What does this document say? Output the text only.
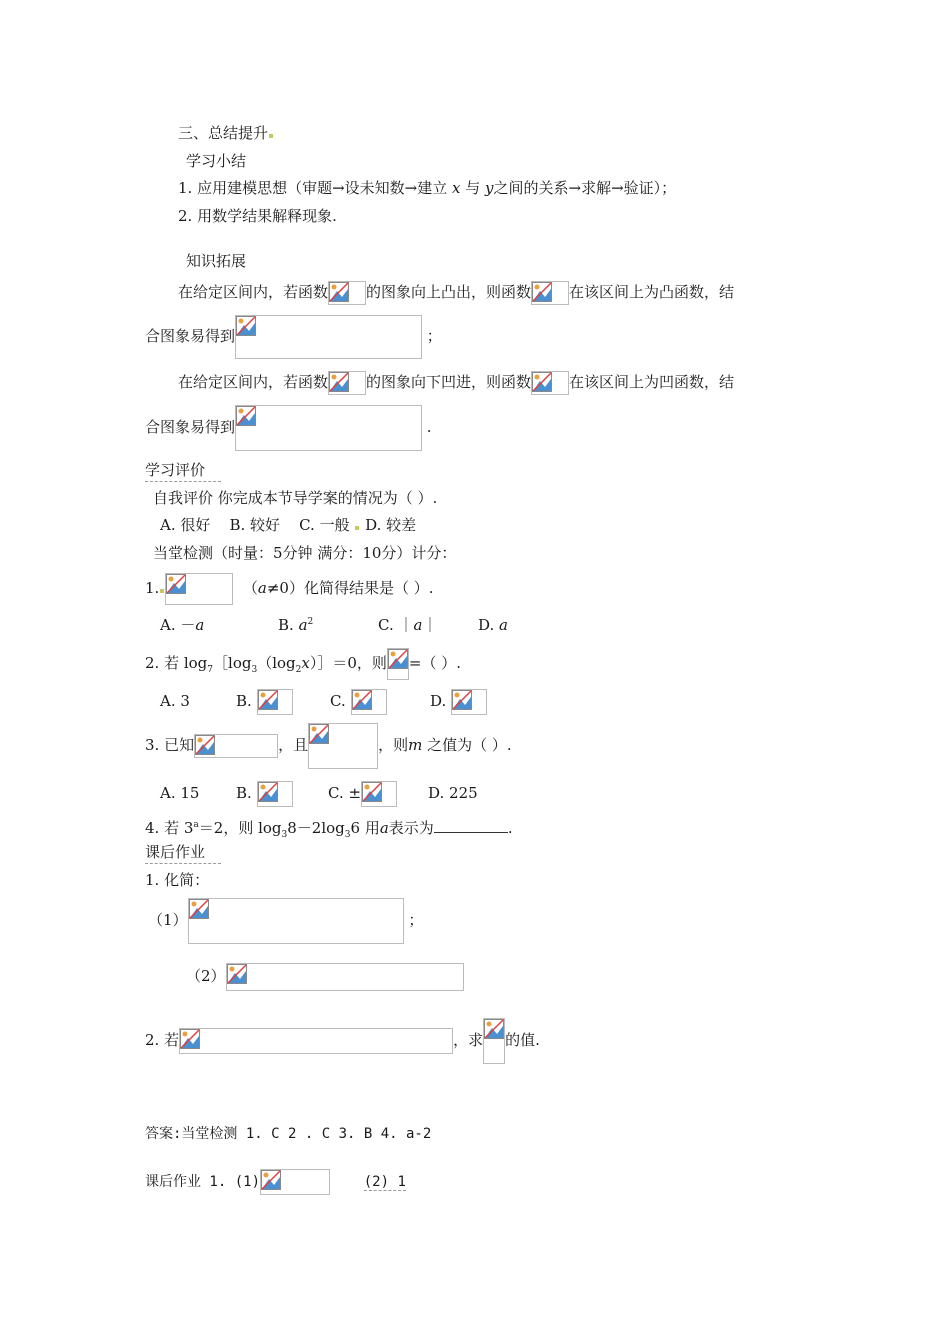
三、总结提升
学习小结
1. 应用建模思想（审题→设未知数→建立 x 与 y之间的关系→求解→验证）；
2. 用数学结果解释现象.
知识拓展
在给定区间内，若函数	的图象向上凸出，则函数	在该区间上为凸函数，结
合图象易得到	；
在给定区间内，若函数	的图象向下凹进，则函数	在该区间上为凹函数，结
合图象易得到	.
学习评价
自我评价 你完成本节导学案的情况为（ ）.
A. 很好 B. 较好 C. 一般 D. 较差
当堂检测（时量：5分钟 满分：10分）计分：
1.	（a≠0）化简得结果是（ ）.
A. －a	B. $a^2$	C. ｜a｜	D. a
2. 若 $\log_7[\log_3(\log_2x)]=0$，则 =（ ）.
A. 3	B.	C.	D.
3. 已知	，且	，则m 之值为（ ）.
A. 15 B.	C. ±	D. 225
4. 若 $3^a=2$，则 $\log_38-2\log_36$ 用a表示为	.
课后作业
1. 化简：
（1）	；
（2）
2. 若	，求 的值.
答案:当堂检测 1. C 2 . C 3. B 4. a-2
课后作业 1. (1)	(2) 1
